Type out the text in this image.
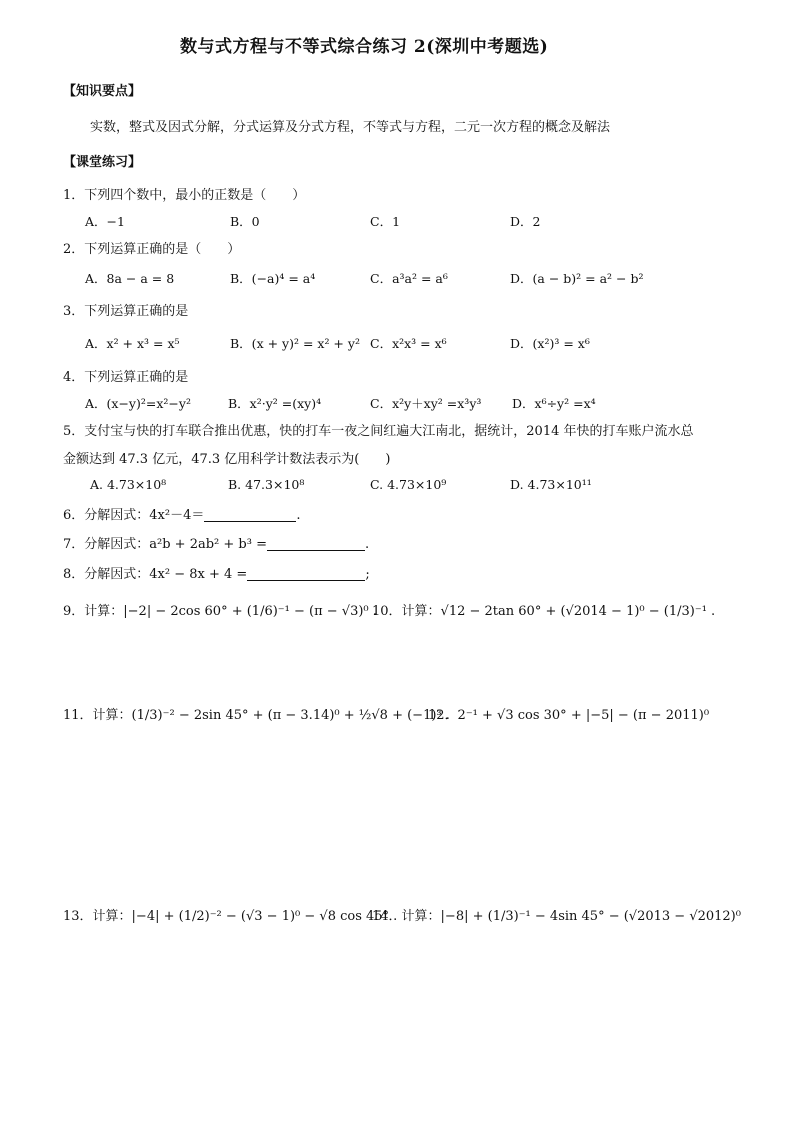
数与式方程与不等式综合练习 2(深圳中考题选)
【知识要点】
实数，整式及因式分解，分式运算及分式方程，不等式与方程，二元一次方程的概念及解法
【课堂练习】
1．下列四个数中，最小的正数是（　　）
A．−1	B．0	C．1	D．2
2．下列运算正确的是（　　）
A．8a − a = 8	B．(−a)⁴ = a⁴	C．a³a² = a⁶	D．(a − b)² = a² − b²
3．下列运算正确的是
A．x² + x³ = x⁵	B．(x + y)² = x² + y² C．x²x³ = x⁶	D．(x²)³ = x⁶
4．下列运算正确的是
A．(x−y)²=x²−y²	B．x²·y² =(xy)⁴	C．x²y＋xy² =x³y³ D．x⁶÷y² =x⁴
5．支付宝与快的打车联合推出优惠，快的打车一夜之间红遍大江南北，据统计，2014 年快的打车账户流水总
金额达到 47.3 亿元，47.3 亿用科学计数法表示为(　　)
A. 4.73×10⁸	B. 47.3×10⁸	C. 4.73×10⁹	D. 4.73×10¹¹
6．分解因式：4x²－4＝	.
7．分解因式：a²b + 2ab² + b³ =	.
8．分解因式：4x² − 8x + 4 =	;
9．计算：|−2| − 2cos 60° + (1/6)⁻¹ − (π − √3)⁰ .
10．计算：√12 − 2tan 60° + (√2014 − 1)⁰ − (1/3)⁻¹ .
11．计算：(1/3)⁻² − 2sin 45° + (π − 3.14)⁰ + ½√8 + (−1)³ .
12．2⁻¹ + √3 cos 30° + |−5| − (π − 2011)⁰
13．计算：|−4| + (1/2)⁻² − (√3 − 1)⁰ − √8 cos 45° .
14．计算：|−8| + (1/3)⁻¹ − 4sin 45° − (√2013 − √2012)⁰
